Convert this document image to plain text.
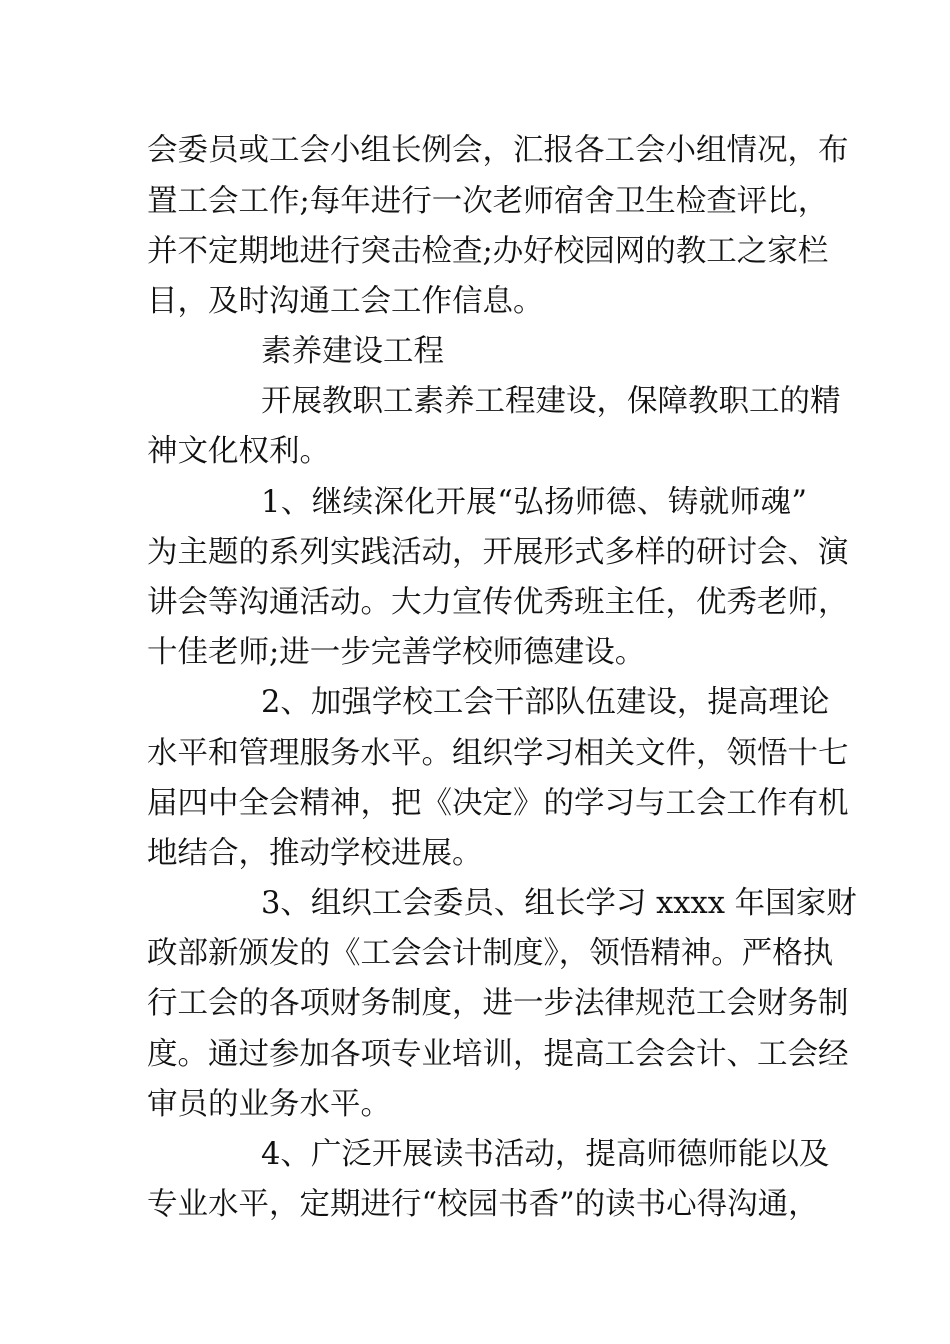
会委员或工会小组长例会，汇报各工会小组情况，布
置工会工作;每年进行一次老师宿舍卫生检查评比，
并不定期地进行突击检查;办好校园网的教工之家栏
目，及时沟通工会工作信息。
素养建设工程
开展教职工素养工程建设，保障教职工的精
神文化权利。
1、继续深化开展“弘扬师德、铸就师魂”
为主题的系列实践活动，开展形式多样的研讨会、演
讲会等沟通活动。大力宣传优秀班主任，优秀老师，
十佳老师;进一步完善学校师德建设。
2、加强学校工会干部队伍建设，提高理论
水平和管理服务水平。组织学习相关文件，领悟十七
届四中全会精神，把《决定》的学习与工会工作有机
地结合，推动学校进展。
3、组织工会委员、组长学习 xxxx 年国家财
政部新颁发的《工会会计制度》，领悟精神。严格执
行工会的各项财务制度，进一步法律规范工会财务制
度。通过参加各项专业培训，提高工会会计、工会经
审员的业务水平。
4、广泛开展读书活动，提高师德师能以及
专业水平，定期进行“校园书香”的读书心得沟通，
